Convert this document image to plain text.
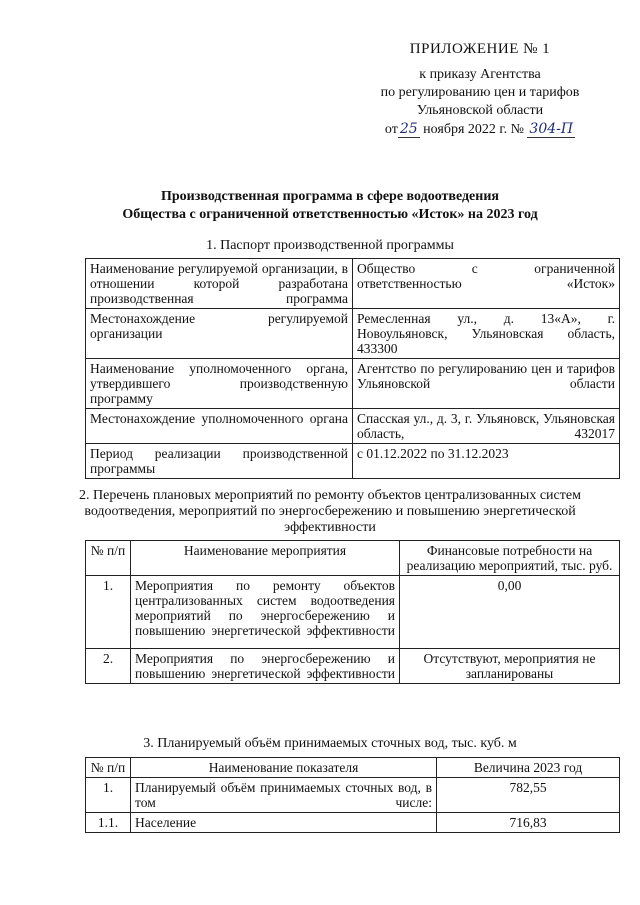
ПРИЛОЖЕНИЕ № 1
к приказу Агентства
по регулированию цен и тарифов
Ульяновской области
от 25 ноября 2022 г. № 304-П
Производственная программа в сфере водоотведения
Общества с ограниченной ответственностью «Исток» на 2023 год
1. Паспорт производственной программы
Наименование регулируемой организации, в отношении которой разработана производственная программа	Общество с ограниченной ответственностью «Исток»
Местонахождение регулируемой организации	Ремесленная ул., д. 13«А», г. Новоульяновск, Ульяновская область, 433300
Наименование уполномоченного органа, утвердившего производственную программу	Агентство по регулированию цен и тарифов Ульяновской области
Местонахождение уполномоченного органа	Спасская ул., д. 3, г. Ульяновск, Ульяновская область, 432017
Период реализации производственной программы	с 01.12.2022 по 31.12.2023
2. Перечень плановых мероприятий по ремонту объектов централизованных систем водоотведения, мероприятий по энергосбережению и повышению энергетической эффективности
№ п/п	Наименование мероприятия	Финансовые потребности на реализацию мероприятий, тыс. руб.
1.	Мероприятия по ремонту объектов централизованных систем водоотведения мероприятий по энергосбережению и повышению энергетической эффективности	0,00
2.	Мероприятия по энергосбережению и повышению энергетической эффективности	Отсутствуют, мероприятия не запланированы
3. Планируемый объём принимаемых сточных вод, тыс. куб. м
№ п/п	Наименование показателя	Величина 2023 год
1.	Планируемый объём принимаемых сточных вод, в том числе:	782,55
1.1.	Население	716,83
